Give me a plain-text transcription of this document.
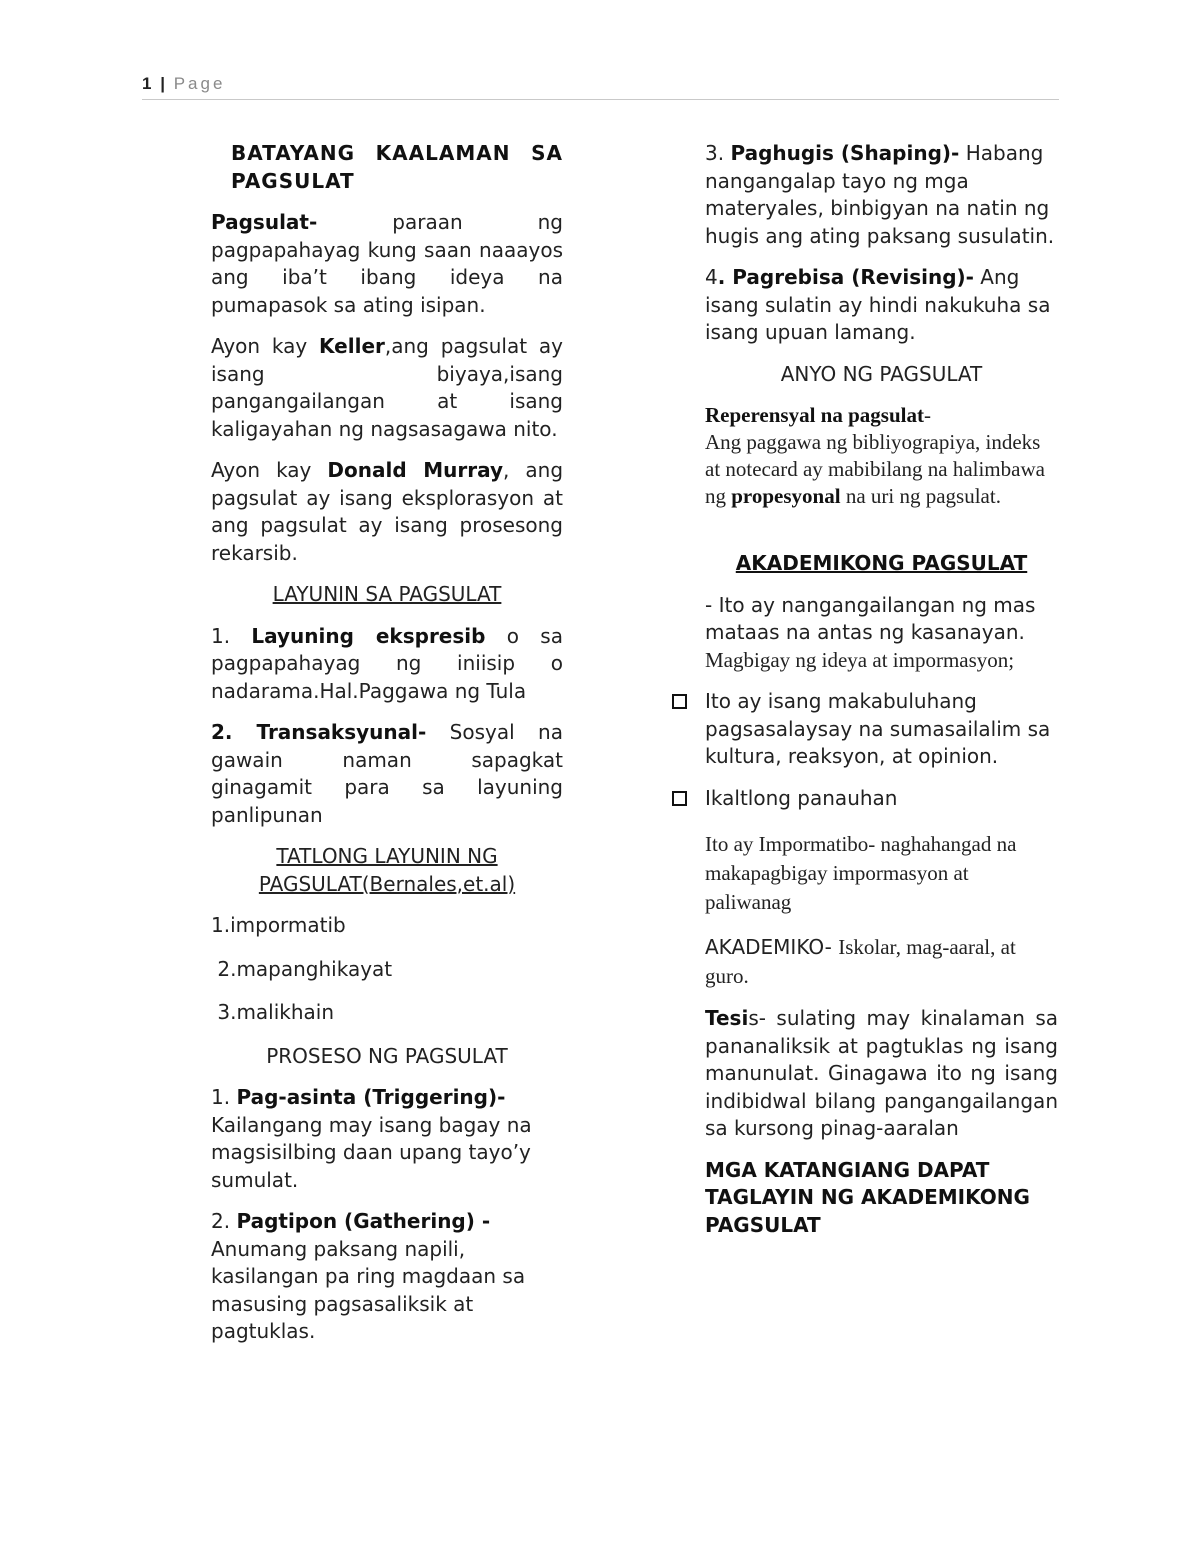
1 | Page

BATAYANG KAALAMAN SA PAGSULAT

Pagsulat- paraan ng pagpapahayag kung saan naaayos ang iba’t ibang ideya na pumapasok sa ating isipan.

Ayon kay Keller,ang pagsulat ay isang biyaya,isang pangangailangan at isang kaligayahan ng nagsasagawa nito.

Ayon kay Donald Murray, ang pagsulat ay isang eksplorasyon at ang pagsulat ay isang prosesong rekarsib.

LAYUNIN SA PAGSULAT

1. Layuning ekspresib o sa pagpapahayag ng iniisip o nadarama.Hal.Paggawa ng Tula

2. Transaksyunal- Sosyal na gawain naman sapagkat ginagamit para sa layuning panlipunan

TATLONG LAYUNIN NG PAGSULAT(Bernales,et.al)

1.impormatib

2.mapanghikayat

3.malikhain

PROSESO NG PAGSULAT

1. Pag-asinta (Triggering)- Kailangang may isang bagay na magsisilbing daan upang tayo’y sumulat.

2. Pagtipon (Gathering) -Anumang paksang napili, kasilangan pa ring magdaan sa masusing pagsasaliksik at pagtuklas.

3. Paghugis (Shaping)- Habang nangangalap tayo ng mga materyales, binbigyan na natin ng hugis ang ating paksang susulatin.

4. Pagrebisa (Revising)- Ang isang sulatin ay hindi nakukuha sa isang upuan lamang.

ANYO NG PAGSULAT

Reperensyal na pagsulat-
Ang paggawa ng bibliyograpiya, indeks at notecard ay mabibilang na halimbawa ng propesyonal na uri ng pagsulat.

AKADEMIKONG PAGSULAT

- Ito ay nangangailangan ng mas mataas na antas ng kasanayan. Magbigay ng ideya at impormasyon;

Ito ay isang makabuluhang pagsasalaysay na sumasailalim sa kultura, reaksyon, at opinion.

Ikaltlong panauhan

Ito ay Impormatibo- naghahangad na makapagbigay impormasyon at paliwanag

AKADEMIKO- Iskolar, mag-aaral, at guro.

Tesis- sulating may kinalaman sa pananaliksik at pagtuklas ng isang manunulat. Ginagawa ito ng isang indibidwal bilang pangangailangan sa kursong pinag-aaralan

MGA KATANGIANG DAPAT TAGLAYIN NG AKADEMIKONG PAGSULAT
